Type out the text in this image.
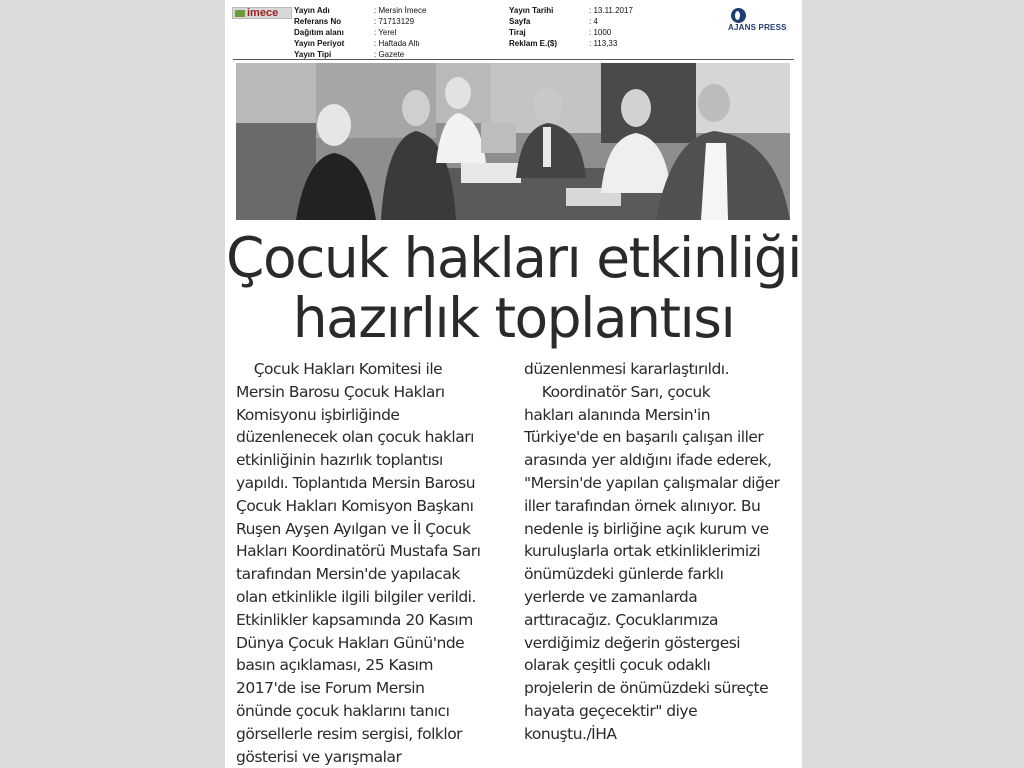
imece	Yayın Adı	: Mersin İmece
Referans No	: 71713129
Dağıtım alanı	: Yerel
Yayın Periyot	: Haftada Altı
Yayın Tipi	: Gazete
Yayın Tarihi	: 13.11.2017
Sayfa	: 4
Tiraj	: 1000
Reklam E.($)	: 113,33
AJANS PRESS
Çocuk hakları etkinliği
hazırlık toplantısı
Çocuk Hakları Komitesi ile
Mersin Barosu Çocuk Hakları
Komisyonu işbirliğinde
düzenlenecek olan çocuk hakları
etkinliğinin hazırlık toplantısı
yapıldı. Toplantıda Mersin Barosu
Çocuk Hakları Komisyon Başkanı
Ruşen Ayşen Ayılgan ve İl Çocuk
Hakları Koordinatörü Mustafa Sarı
tarafından Mersin'de yapılacak
olan etkinlikle ilgili bilgiler verildi.
Etkinlikler kapsamında 20 Kasım
Dünya Çocuk Hakları Günü'nde
basın açıklaması, 25 Kasım
2017'de ise Forum Mersin
önünde çocuk haklarını tanıcı
görsellerle resim sergisi, folklor
gösterisi ve yarışmalar
düzenlenmesi kararlaştırıldı.
Koordinatör Sarı, çocuk
hakları alanında Mersin'in
Türkiye'de en başarılı çalışan iller
arasında yer aldığını ifade ederek,
"Mersin'de yapılan çalışmalar diğer
iller tarafından örnek alınıyor. Bu
nedenle iş birliğine açık kurum ve
kuruluşlarla ortak etkinliklerimizi
önümüzdeki günlerde farklı
yerlerde ve zamanlarda
arttıracağız. Çocuklarımıza
verdiğimiz değerin göstergesi
olarak çeşitli çocuk odaklı
projelerin de önümüzdeki süreçte
hayata geçecektir" diye
konuştu./İHA
